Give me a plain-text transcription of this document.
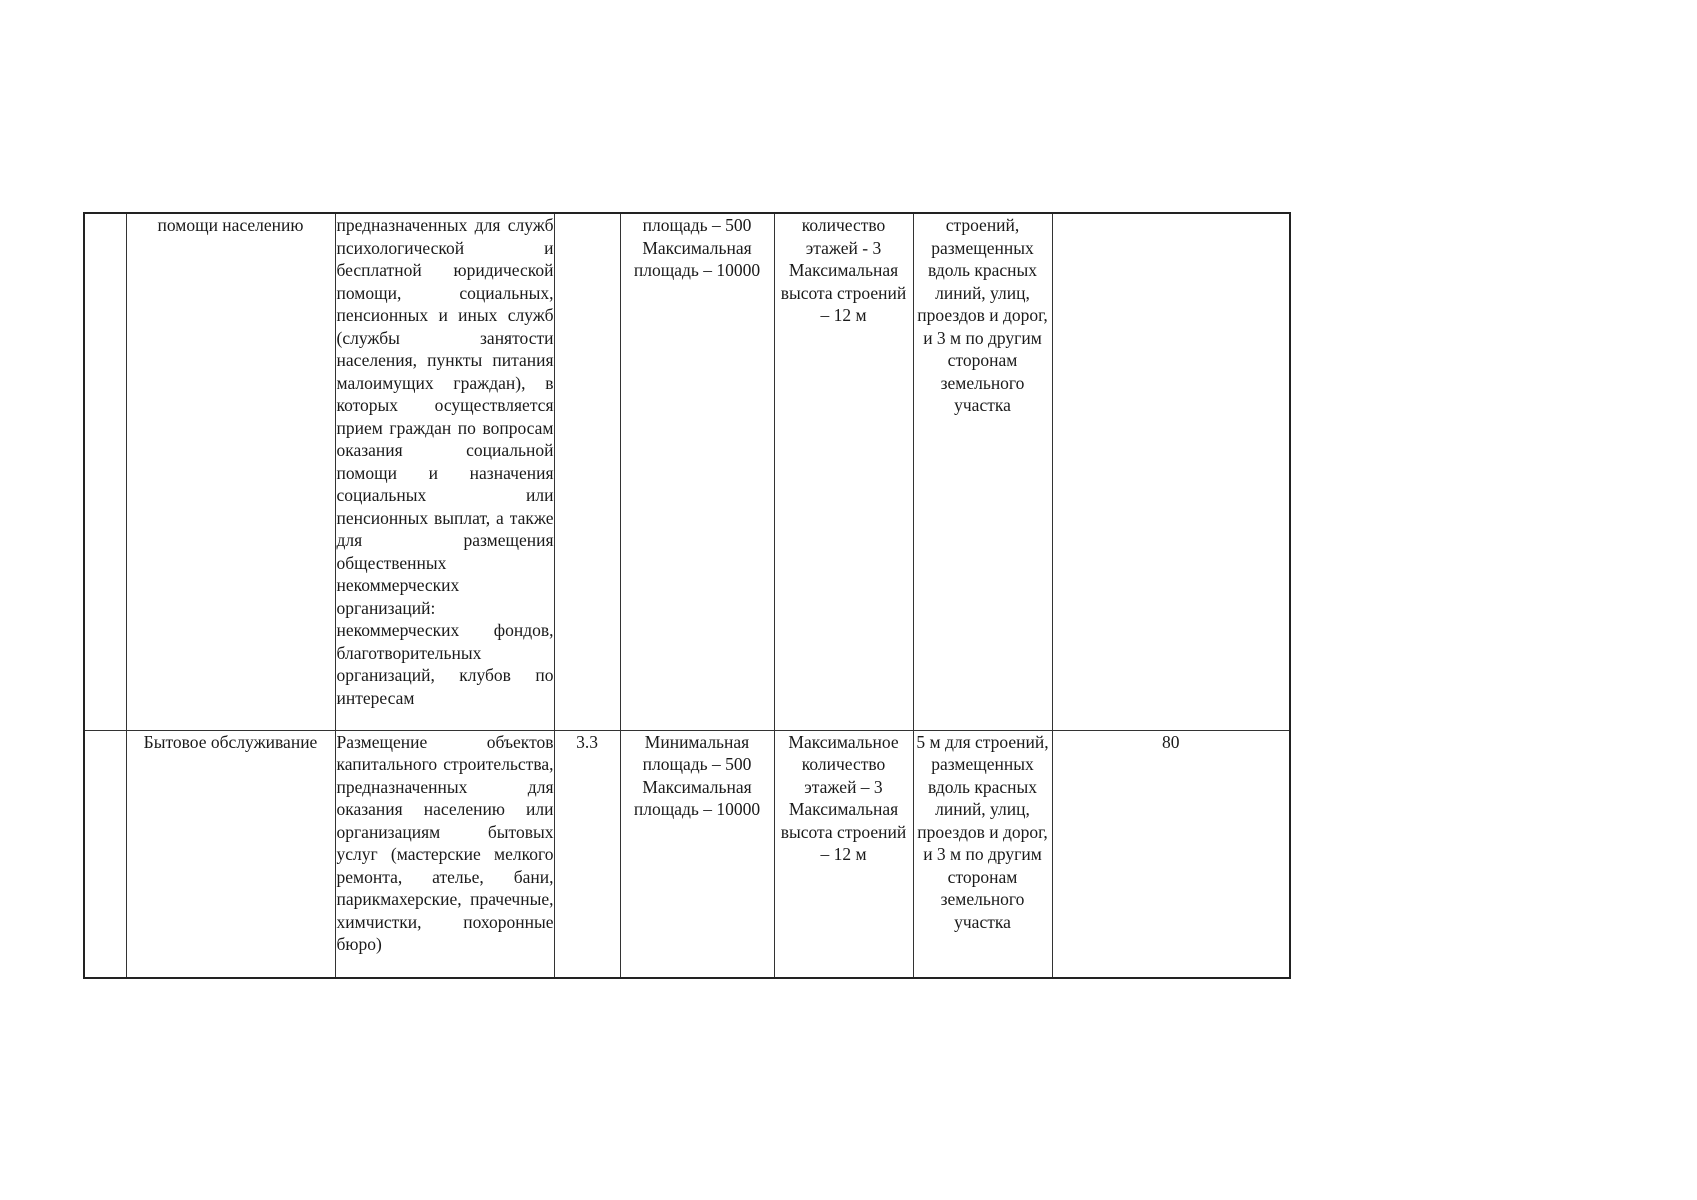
	помощи населению	предназначенных для служб психологической и бесплатной юридической помощи, социальных, пенсионных и иных служб (службы занятости населения, пункты питания малоимущих граждан), в которых осуществляется прием граждан по вопросам оказания социальной помощи и назначения социальных или пенсионных выплат, а также для размещения общественных некоммерческих организаций: некоммерческих фондов, благотворительных организаций, клубов по интересам		площадь – 500 Максимальная площадь – 10000	количество этажей - 3 Максимальная высота строений – 12 м	строений, размещенных вдоль красных линий, улиц, проездов и дорог, и 3 м по другим сторонам земельного участка	
	Бытовое обслуживание	Размещение объектов капитального строительства, предназначенных для оказания населению или организациям бытовых услуг (мастерские мелкого ремонта, ателье, бани, парикмахерские, прачечные, химчистки, похоронные бюро)	3.3	Минимальная площадь – 500 Максимальная площадь – 10000	Максимальное количество этажей – 3 Максимальная высота строений – 12 м	5 м для строений, размещенных вдоль красных линий, улиц, проездов и дорог, и 3 м по другим сторонам земельного участка	80
